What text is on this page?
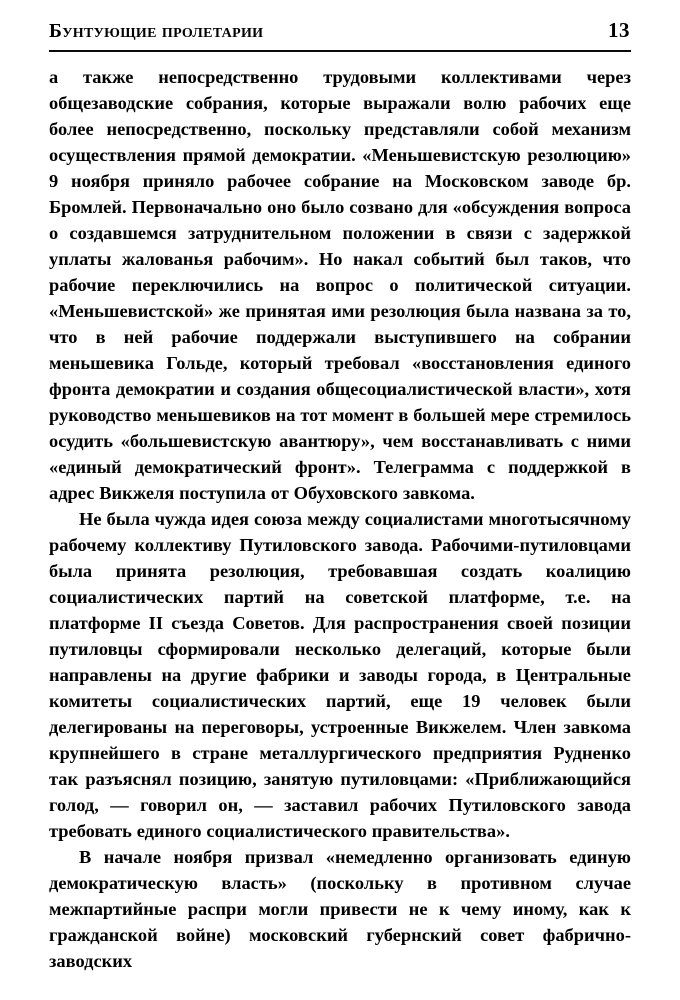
Бунтующие пролетарии	13

а также непосредственно трудовыми коллективами через общезаводские собрания, которые выражали волю рабочих еще более непосредственно, поскольку представляли собой механизм осуществления прямой демократии. «Меньшевистскую резолюцию» 9 ноября приняло рабочее собрание на Московском заводе бр. Бромлей. Первоначально оно было созвано для «обсуждения вопроса о создавшемся затруднительном положении в связи с задержкой уплаты жалованья рабочим». Но накал событий был таков, что рабочие переключились на вопрос о политической ситуации. «Меньшевистской» же принятая ими резолюция была названа за то, что в ней рабочие поддержали выступившего на собрании меньшевика Гольде, который требовал «восстановления единого фронта демократии и создания общесоциалистической власти», хотя руководство меньшевиков на тот момент в большей мере стремилось осудить «большевистскую авантюру», чем восстанавливать с ними «единый демократический фронт». Телеграмма с поддержкой в адрес Викжеля поступила от Обуховского завкома.

Не была чужда идея союза между социалистами многотысячному рабочему коллективу Путиловского завода. Рабочими-путиловцами была принята резолюция, требовавшая создать коалицию социалистических партий на советской платформе, т.е. на платформе II съезда Советов. Для распространения своей позиции путиловцы сформировали несколько делегаций, которые были направлены на другие фабрики и заводы города, в Центральные комитеты социалистических партий, еще 19 человек были делегированы на переговоры, устроенные Викжелем. Член завкома крупнейшего в стране металлургического предприятия Рудненко так разъяснял позицию, занятую путиловцами: «Приближающийся голод, — говорил он, — заставил рабочих Путиловского завода требовать единого социалистического правительства».

В начале ноября призвал «немедленно организовать единую демократическую власть» (поскольку в противном случае межпартийные распри могли привести не к чему иному, как к гражданской войне) московский губернский совет фабрично-заводских
